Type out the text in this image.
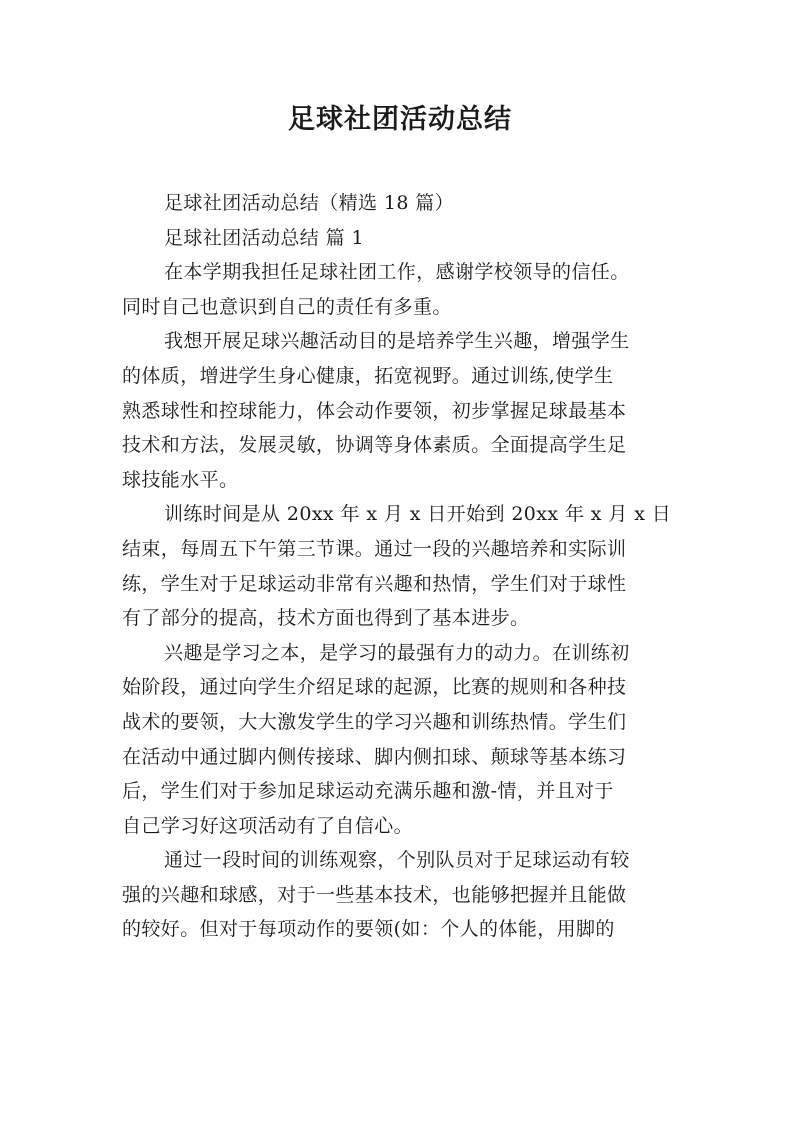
足球社团活动总结
足球社团活动总结（精选 18 篇）
足球社团活动总结 篇 1
在本学期我担任足球社团工作，感谢学校领导的信任。
同时自己也意识到自己的责任有多重。
我想开展足球兴趣活动目的是培养学生兴趣，增强学生
的体质，增进学生身心健康，拓宽视野。通过训练,使学生
熟悉球性和控球能力，体会动作要领，初步掌握足球最基本
技术和方法，发展灵敏，协调等身体素质。全面提高学生足
球技能水平。
训练时间是从 20xx 年 x 月 x 日开始到 20xx 年 x 月 x 日
结束，每周五下午第三节课。通过一段的兴趣培养和实际训
练，学生对于足球运动非常有兴趣和热情，学生们对于球性
有了部分的提高，技术方面也得到了基本进步。
兴趣是学习之本，是学习的最强有力的动力。在训练初
始阶段，通过向学生介绍足球的起源，比赛的规则和各种技
战术的要领，大大激发学生的学习兴趣和训练热情。学生们
在活动中通过脚内侧传接球、脚内侧扣球、颠球等基本练习
后，学生们对于参加足球运动充满乐趣和激-情，并且对于
自己学习好这项活动有了自信心。
通过一段时间的训练观察，个别队员对于足球运动有较
强的兴趣和球感，对于一些基本技术，也能够把握并且能做
的较好。但对于每项动作的要领(如：个人的体能，用脚的
